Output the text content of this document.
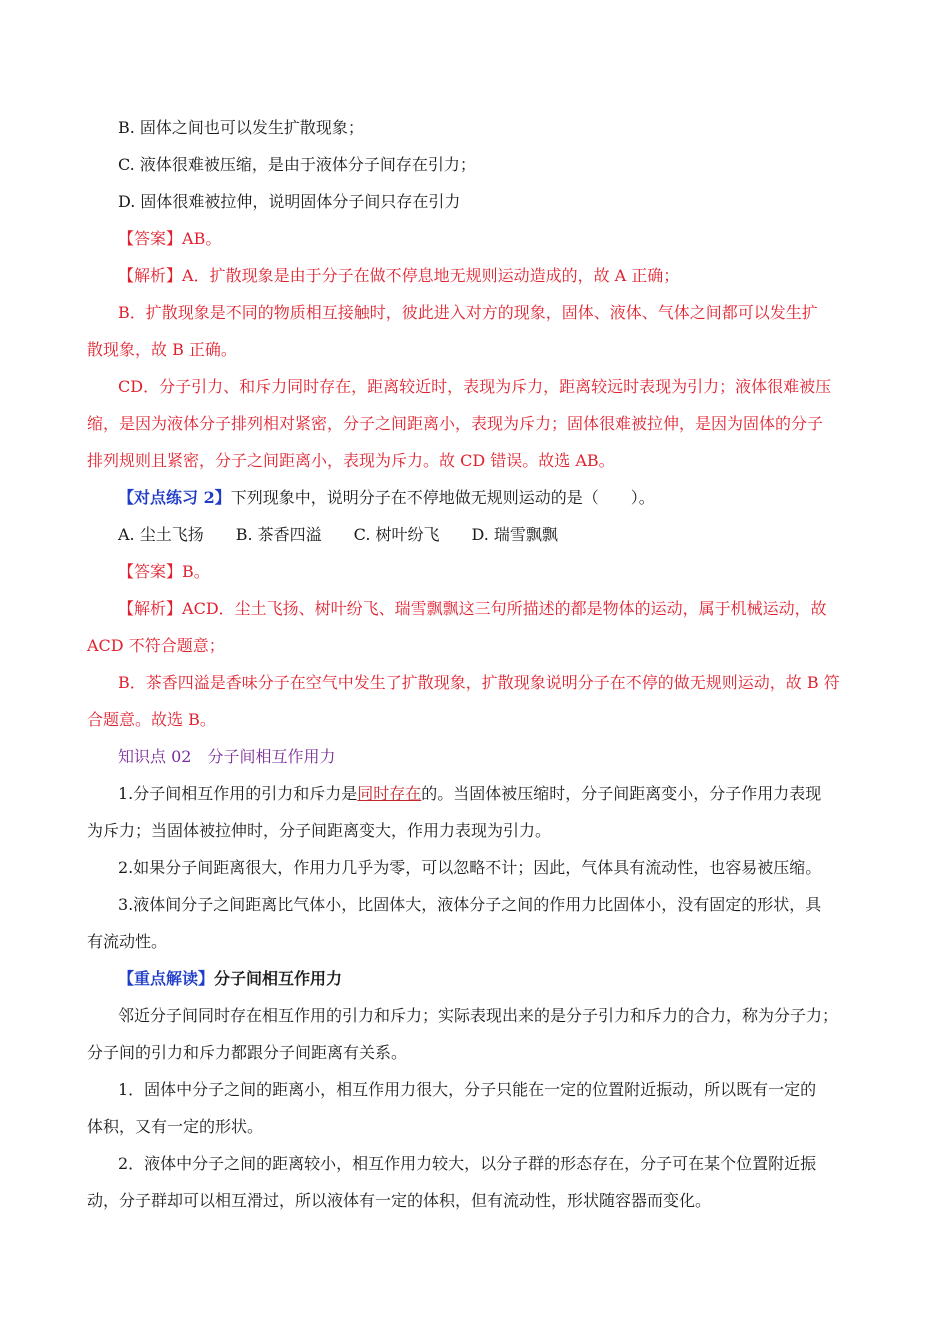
B. 固体之间也可以发生扩散现象；
C. 液体很难被压缩，是由于液体分子间存在引力；
D. 固体很难被拉伸，说明固体分子间只存在引力
【答案】AB。
【解析】A．扩散现象是由于分子在做不停息地无规则运动造成的，故 A 正确；
B．扩散现象是不同的物质相互接触时，彼此进入对方的现象，固体、液体、气体之间都可以发生扩
散现象，故 B 正确。
CD．分子引力、和斥力同时存在，距离较近时，表现为斥力，距离较远时表现为引力；液体很难被压
缩，是因为液体分子排列相对紧密，分子之间距离小，表现为斥力；固体很难被拉伸，是因为固体的分子
排列规则且紧密，分子之间距离小，表现为斥力。故 CD 错误。故选 AB。
【对点练习 2】下列现象中，说明分子在不停地做无规则运动的是（　　）。
A. 尘土飞扬　　B. 茶香四溢　　C. 树叶纷飞　　D. 瑞雪飘飘
【答案】B。
【解析】ACD．尘土飞扬、树叶纷飞、瑞雪飘飘这三句所描述的都是物体的运动，属于机械运动，故
ACD 不符合题意；
B．茶香四溢是香味分子在空气中发生了扩散现象，扩散现象说明分子在不停的做无规则运动，故 B 符
合题意。故选 B。
知识点 02　分子间相互作用力
1.分子间相互作用的引力和斥力是同时存在的。当固体被压缩时，分子间距离变小，分子作用力表现
为斥力；当固体被拉伸时，分子间距离变大，作用力表现为引力。
2.如果分子间距离很大，作用力几乎为零，可以忽略不计；因此，气体具有流动性，也容易被压缩。
3.液体间分子之间距离比气体小，比固体大，液体分子之间的作用力比固体小，没有固定的形状，具
有流动性。
【重点解读】分子间相互作用力
邻近分子间同时存在相互作用的引力和斥力；实际表现出来的是分子引力和斥力的合力，称为分子力；
分子间的引力和斥力都跟分子间距离有关系。
1．固体中分子之间的距离小，相互作用力很大，分子只能在一定的位置附近振动，所以既有一定的
体积，又有一定的形状。
2．液体中分子之间的距离较小，相互作用力较大，以分子群的形态存在，分子可在某个位置附近振
动，分子群却可以相互滑过，所以液体有一定的体积，但有流动性，形状随容器而变化。
